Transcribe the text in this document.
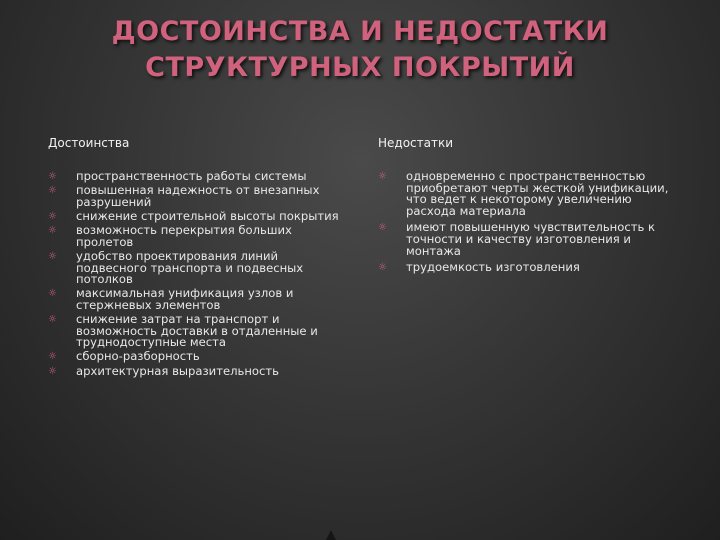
ДОСТОИНСТВА И НЕДОСТАТКИ
СТРУКТУРНЫХ ПОКРЫТИЙ
Достоинства
☼ пространственность работы системы
☼ повышенная надежность от внезапных разрушений
☼ снижение строительной высоты покрытия
☼ возможность перекрытия больших пролетов
☼ удобство проектирования линий подвесного транспорта и подвесных потолков
☼ максимальная унификация узлов и стержневых элементов
☼ снижение затрат на транспорт и возможность доставки в отдаленные и труднодоступные места
☼ сборно-разборность
☼ архитектурная выразительность
Недостатки
☼ одновременно с пространственностью приобретают черты жесткой унификации, что ведет к некоторому увеличению расхода материала
☼ имеют повышенную чувствительность к точности и качеству изготовления и монтажа
☼ трудоемкость изготовления
